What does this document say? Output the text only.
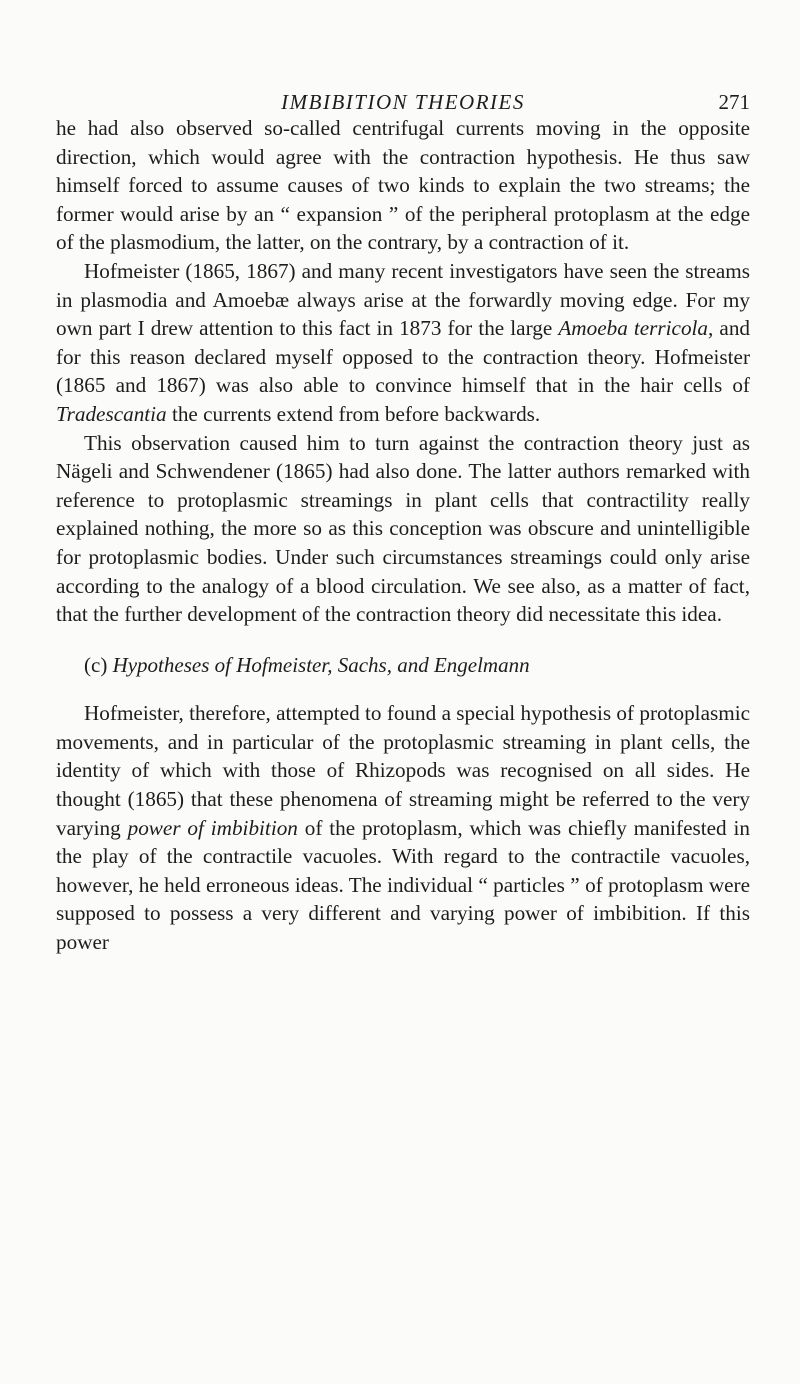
IMBIBITION THEORIES	271

he had also observed so-called centrifugal currents moving in the opposite direction, which would agree with the contraction hypothesis. He thus saw himself forced to assume causes of two kinds to explain the two streams; the former would arise by an “ expansion ” of the peripheral protoplasm at the edge of the plasmodium, the latter, on the contrary, by a contraction of it.

Hofmeister (1865, 1867) and many recent investigators have seen the streams in plasmodia and Amoebæ always arise at the forwardly moving edge. For my own part I drew attention to this fact in 1873 for the large Amoeba terricola, and for this reason declared myself opposed to the contraction theory. Hofmeister (1865 and 1867) was also able to convince himself that in the hair cells of Tradescantia the currents extend from before backwards.

This observation caused him to turn against the contraction theory just as Nägeli and Schwendener (1865) had also done. The latter authors remarked with reference to protoplasmic streamings in plant cells that contractility really explained nothing, the more so as this conception was obscure and unintelligible for protoplasmic bodies. Under such circumstances streamings could only arise according to the analogy of a blood circulation. We see also, as a matter of fact, that the further development of the contraction theory did necessitate this idea.

(c) Hypotheses of Hofmeister, Sachs, and Engelmann

Hofmeister, therefore, attempted to found a special hypothesis of protoplasmic movements, and in particular of the protoplasmic streaming in plant cells, the identity of which with those of Rhizopods was recognised on all sides. He thought (1865) that these phenomena of streaming might be referred to the very varying power of imbibition of the protoplasm, which was chiefly manifested in the play of the contractile vacuoles. With regard to the contractile vacuoles, however, he held erroneous ideas. The individual “ particles ” of protoplasm were supposed to possess a very different and varying power of imbibition. If this power
